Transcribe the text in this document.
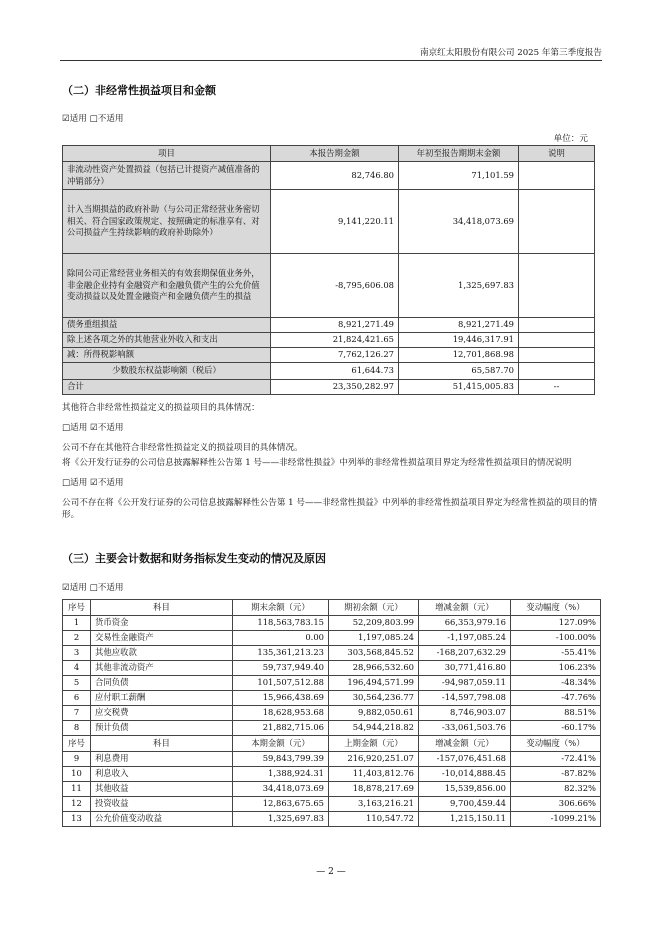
南京红太阳股份有限公司 2025 年第三季度报告
（二）非经常性损益项目和金额
☑适用 □不适用
单位：元
项目	本报告期金额	年初至报告期期末金额	说明
非流动性资产处置损益（包括已计提资产减值准备的冲销部分）	82,746.80	71,101.59	
计入当期损益的政府补助（与公司正常经营业务密切相关、符合国家政策规定、按照确定的标准享有、对公司损益产生持续影响的政府补助除外）	9,141,220.11	34,418,073.69	
除同公司正常经营业务相关的有效套期保值业务外，非金融企业持有金融资产和金融负债产生的公允价值变动损益以及处置金融资产和金融负债产生的损益	-8,795,606.08	1,325,697.83	
债务重组损益	8,921,271.49	8,921,271.49	
除上述各项之外的其他营业外收入和支出	21,824,421.65	19,446,317.91	
减：所得税影响额	7,762,126.27	12,701,868.98	
少数股东权益影响额（税后）	61,644.73	65,587.70	
合计	23,350,282.97	51,415,005.83	--
其他符合非经常性损益定义的损益项目的具体情况：
□适用 ☑不适用
公司不存在其他符合非经常性损益定义的损益项目的具体情况。
将《公开发行证券的公司信息披露解释性公告第 1 号——非经常性损益》中列举的非经常性损益项目界定为经常性损益项目的情况说明
□适用 ☑不适用
公司不存在将《公开发行证券的公司信息披露解释性公告第 1 号——非经常性损益》中列举的非经常性损益项目界定为经常性损益的项目的情形。
（三）主要会计数据和财务指标发生变动的情况及原因
☑适用 □不适用
序号	科目	期末余额（元）	期初余额（元）	增减金额（元）	变动幅度（%）
1	货币资金	118,563,783.15	52,209,803.99	66,353,979.16	127.09%
2	交易性金融资产	0.00	1,197,085.24	-1,197,085.24	-100.00%
3	其他应收款	135,361,213.23	303,568,845.52	-168,207,632.29	-55.41%
4	其他非流动资产	59,737,949.40	28,966,532.60	30,771,416.80	106.23%
5	合同负债	101,507,512.88	196,494,571.99	-94,987,059.11	-48.34%
6	应付职工薪酬	15,966,438.69	30,564,236.77	-14,597,798.08	-47.76%
7	应交税费	18,628,953.68	9,882,050.61	8,746,903.07	88.51%
8	预计负债	21,882,715.06	54,944,218.82	-33,061,503.76	-60.17%
序号	科目	本期金额（元）	上期金额（元）	增减金额（元）	变动幅度（%）
9	利息费用	59,843,799.39	216,920,251.07	-157,076,451.68	-72.41%
10	利息收入	1,388,924.31	11,403,812.76	-10,014,888.45	-87.82%
11	其他收益	34,418,073.69	18,878,217.69	15,539,856.00	82.32%
12	投资收益	12,863,675.65	3,163,216.21	9,700,459.44	306.66%
13	公允价值变动收益	1,325,697.83	110,547.72	1,215,150.11	-1099.21%
— 2 —
